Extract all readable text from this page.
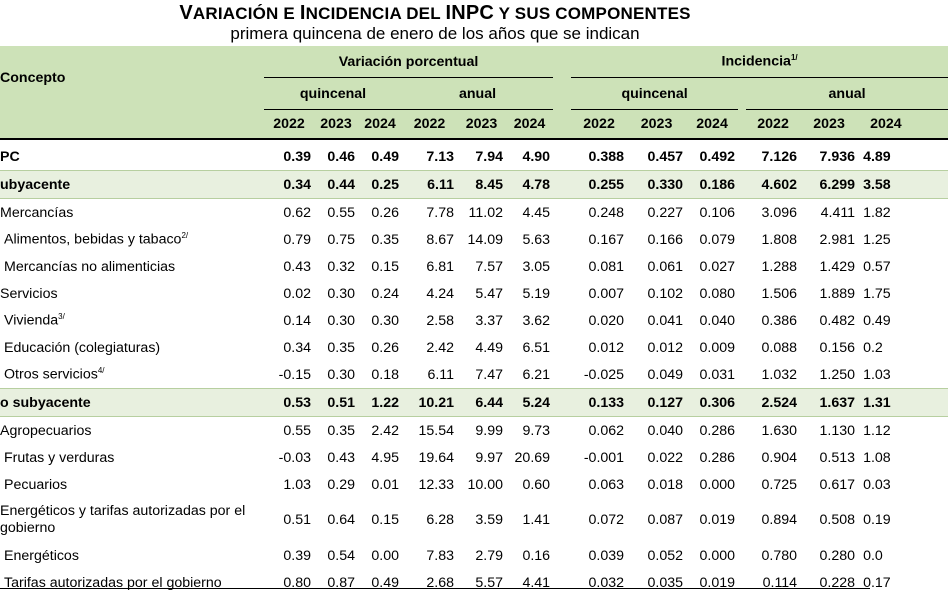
VARIACIÓN E INCIDENCIA DEL INPC Y SUS COMPONENTES
primera quincena de enero de los años que se indican
Concepto	Variación porcentual							Incidencia$^{1/}$
	quincenal			anual				quincenal				anual		
	2022	2023	2024	2022	2023	2024		2022	2023	2024		2022	2023	2024
PC	0.39	0.46	0.49	7.13	7.94	4.90		0.388	0.457	0.492		7.126	7.936	4.89
ubyacente	0.34	0.44	0.25	6.11	8.45	4.78		0.255	0.330	0.186		4.602	6.299	3.58
Mercancías	0.62	0.55	0.26	7.78	11.02	4.45		0.248	0.227	0.106		3.096	4.411	1.82
Alimentos, bebidas y tabaco$^{2/}$	0.79	0.75	0.35	8.67	14.09	5.63		0.167	0.166	0.079		1.808	2.981	1.25
Mercancías no alimenticias	0.43	0.32	0.15	6.81	7.57	3.05		0.081	0.061	0.027		1.288	1.429	0.57
Servicios	0.02	0.30	0.24	4.24	5.47	5.19		0.007	0.102	0.080		1.506	1.889	1.75
Vivienda$^{3/}$	0.14	0.30	0.30	2.58	3.37	3.62		0.020	0.041	0.040		0.386	0.482	0.49
Educación (colegiaturas)	0.34	0.35	0.26	2.42	4.49	6.51		0.012	0.012	0.009		0.088	0.156	0.2
Otros servicios$^{4/}$	-0.15	0.30	0.18	6.11	7.47	6.21		-0.025	0.049	0.031		1.032	1.250	1.03
o subyacente	0.53	0.51	1.22	10.21	6.44	5.24		0.133	0.127	0.306		2.524	1.637	1.31
Agropecuarios	0.55	0.35	2.42	15.54	9.99	9.73		0.062	0.040	0.286		1.630	1.130	1.12
Frutas y verduras	-0.03	0.43	4.95	19.64	9.97	20.69		-0.001	0.022	0.286		0.904	0.513	1.08
Pecuarios	1.03	0.29	0.01	12.33	10.00	0.60		0.063	0.018	0.000		0.725	0.617	0.03
Energéticos y tarifas autorizadas por el gobierno	0.51	0.64	0.15	6.28	3.59	1.41		0.072	0.087	0.019		0.894	0.508	0.19
Energéticos	0.39	0.54	0.00	7.83	2.79	0.16		0.039	0.052	0.000		0.780	0.280	0.0
Tarifas autorizadas por el gobierno	0.80	0.87	0.49	2.68	5.57	4.41		0.032	0.035	0.019		0.114	0.228	0.17
